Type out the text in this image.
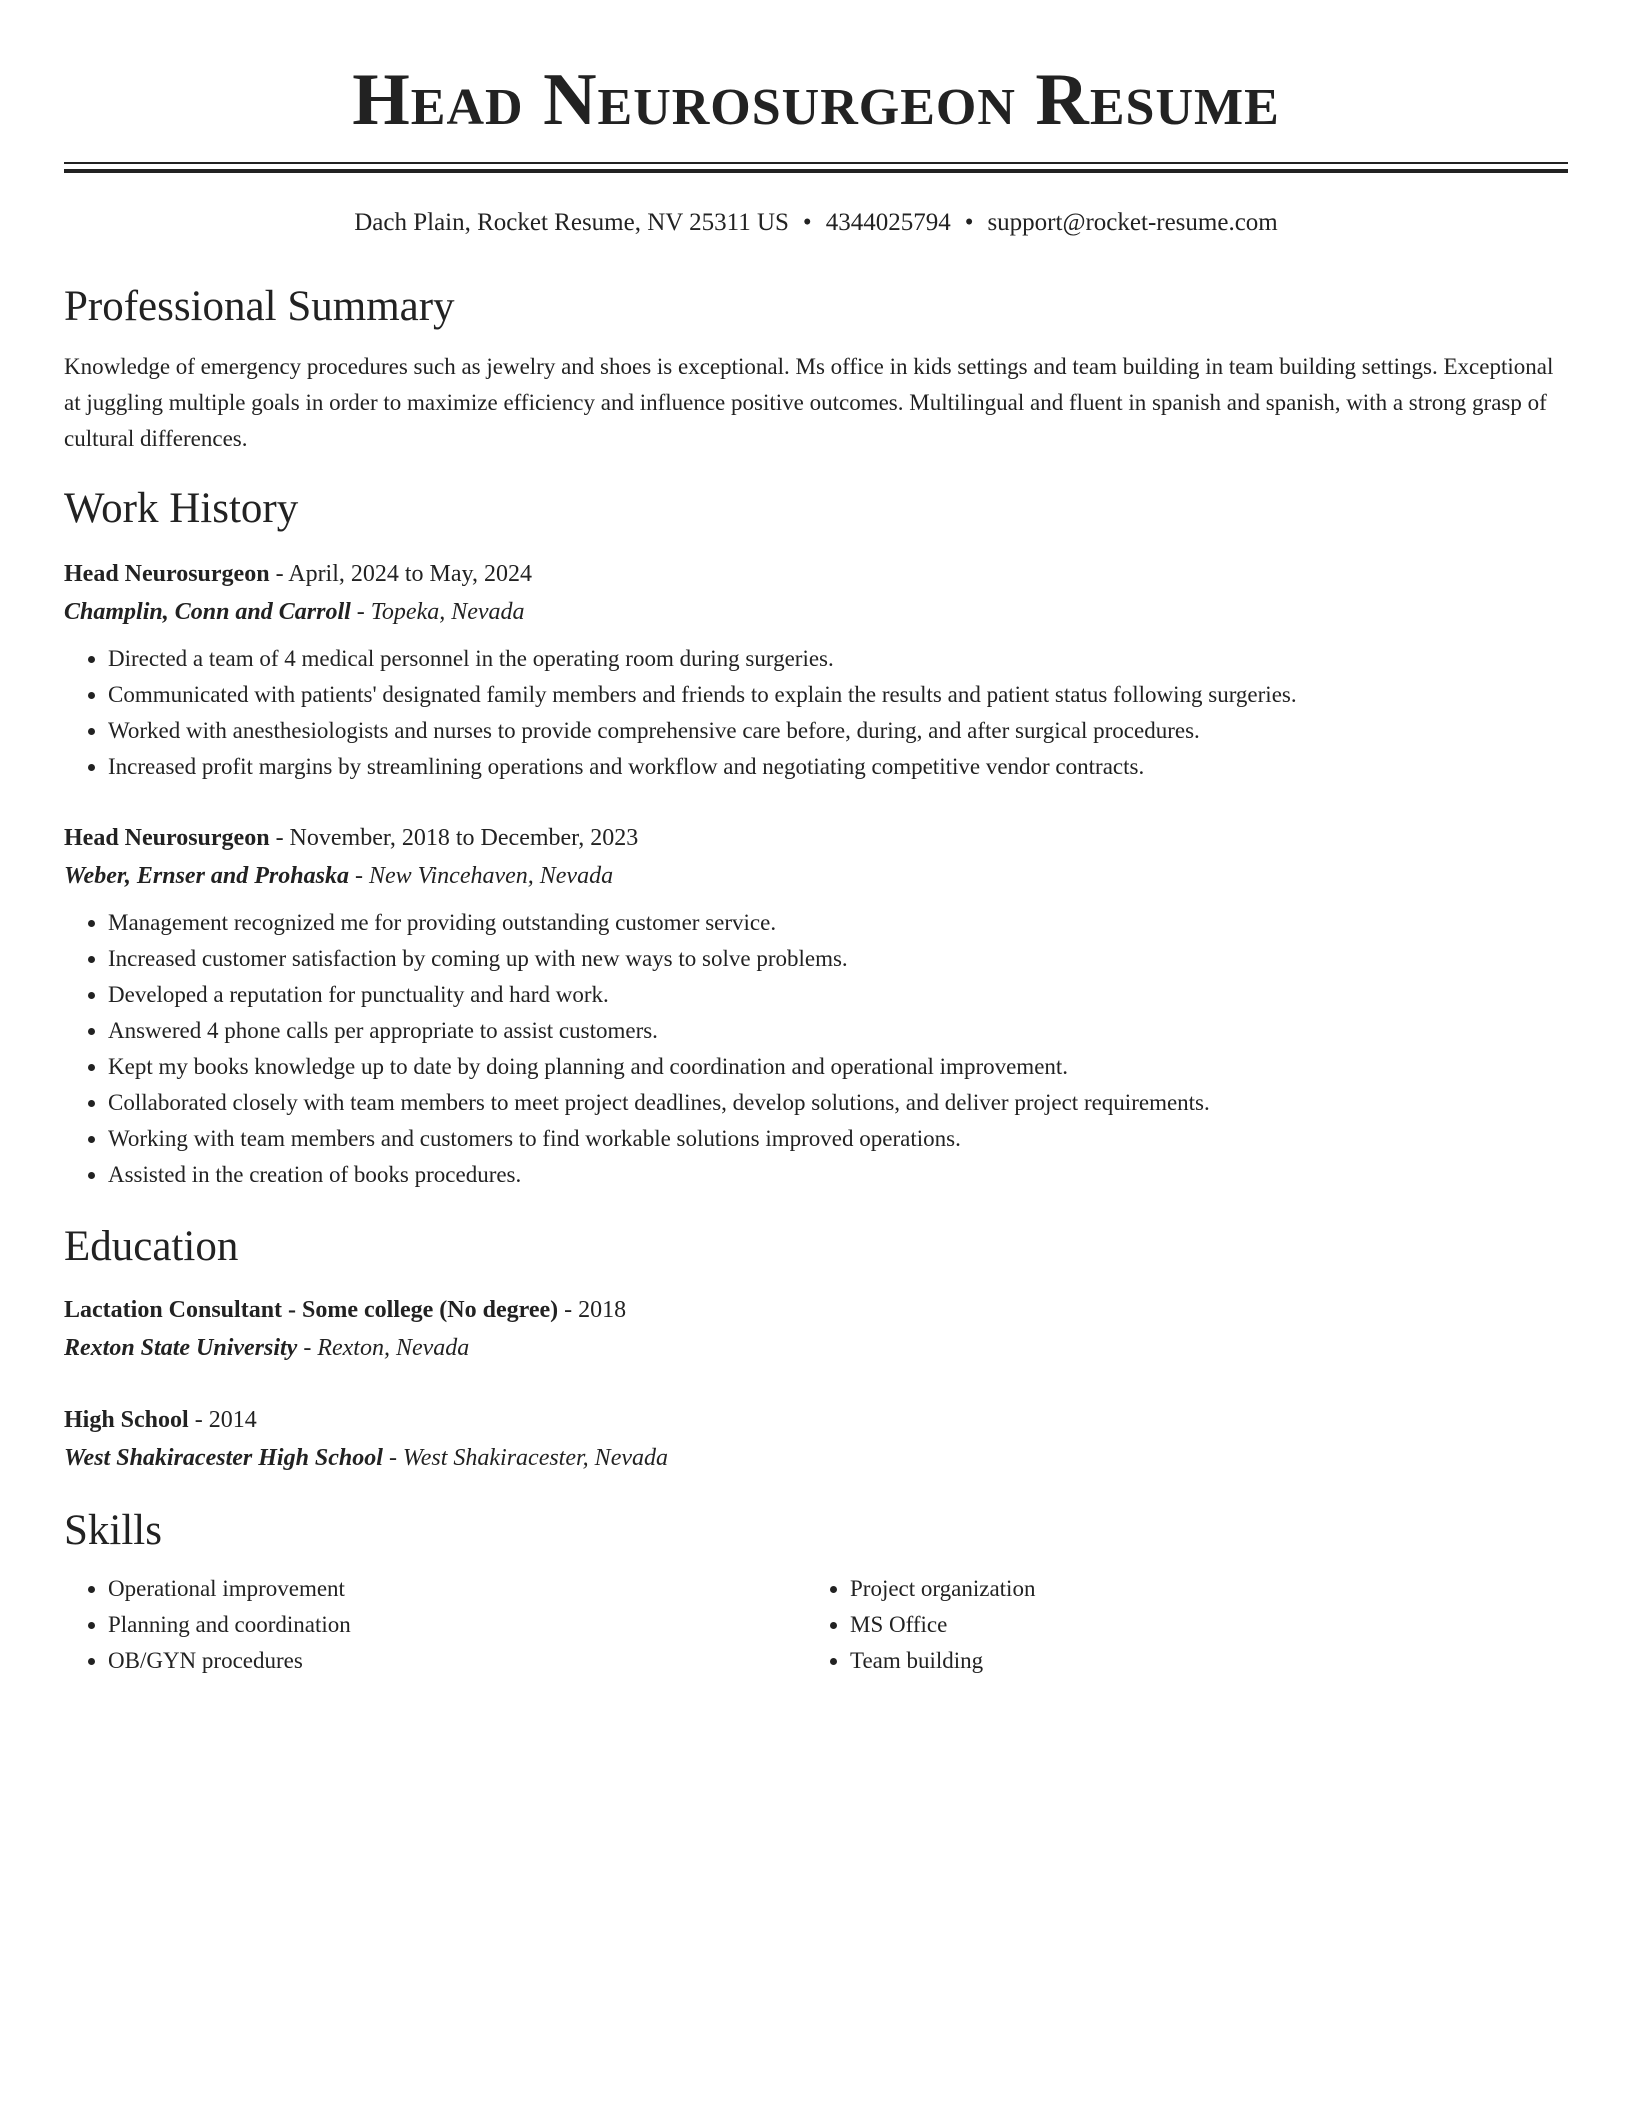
Head Neurosurgeon Resume
Dach Plain, Rocket Resume, NV 25311 US • 4344025794 • support@rocket-resume.com
Professional Summary
Knowledge of emergency procedures such as jewelry and shoes is exceptional. Ms office in kids settings and team building in team building settings. Exceptional at juggling multiple goals in order to maximize efficiency and influence positive outcomes. Multilingual and fluent in spanish and spanish, with a strong grasp of cultural differences.
Work History
Head Neurosurgeon - April, 2024 to May, 2024
Champlin, Conn and Carroll - Topeka, Nevada
• Directed a team of 4 medical personnel in the operating room during surgeries.
• Communicated with patients' designated family members and friends to explain the results and patient status following surgeries.
• Worked with anesthesiologists and nurses to provide comprehensive care before, during, and after surgical procedures.
• Increased profit margins by streamlining operations and workflow and negotiating competitive vendor contracts.
Head Neurosurgeon - November, 2018 to December, 2023
Weber, Ernser and Prohaska - New Vincehaven, Nevada
• Management recognized me for providing outstanding customer service.
• Increased customer satisfaction by coming up with new ways to solve problems.
• Developed a reputation for punctuality and hard work.
• Answered 4 phone calls per appropriate to assist customers.
• Kept my books knowledge up to date by doing planning and coordination and operational improvement.
• Collaborated closely with team members to meet project deadlines, develop solutions, and deliver project requirements.
• Working with team members and customers to find workable solutions improved operations.
• Assisted in the creation of books procedures.
Education
Lactation Consultant - Some college (No degree) - 2018
Rexton State University - Rexton, Nevada
High School - 2014
West Shakiracester High School - West Shakiracester, Nevada
Skills
• Operational improvement
• Planning and coordination
• OB/GYN procedures
• Project organization
• MS Office
• Team building
